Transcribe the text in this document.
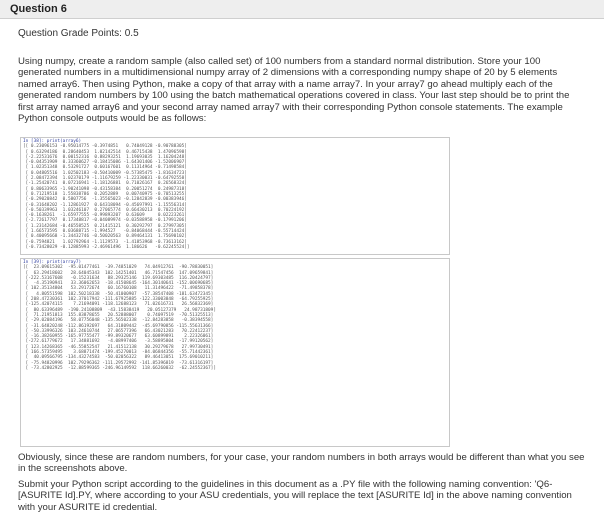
Question 6
Question Grade Points: 0.5
Using numpy, create a random sample (also called set) of 100 numbers from a standard normal distribution. Store your 100 generated numbers in a multidimensional numpy array of 2 dimensions with a corresponding numpy shape of 20 by 5 elements named array6. Then using Python, make a copy of that array with a name array7. In your array7 go ahead multiply each of the generated random numbers by 100 using the batch mathematical operations covered in class. Your last step should be to print the first array named array6 and your second array named array7 with their corresponding Python console statements. The example Python console outputs would be as follows:
In [38]: print(array6)
[[ 0.23096153 -0.95014775 -0.3974851   0.74049128 -0.90788305]
[ 0.63294186  0.28640453  1.02142514  0.46715438  1.47096598]
[-2.22531676  0.00152316  0.88293251  1.19693035  1.16204248]
[-0.04351909  0.33360627 -0.18415086 -1.64301406 -1.52006907]
[ 1.02351348  0.53291727  0.60167601  0.11314964 -0.71498584]
[ 0.04805516  1.02502183 -0.50410009 -0.57385475 -1.81634723]
[ 2.08472394  1.02370179 -1.11679259 -1.22330031 -0.64792558]
[-1.25420741  0.07216941 -1.18126881  0.71026167  0.26568324]
[ 0.80633965 -1.90241098 -0.43158384  0.20051274  0.24987318]
[ 0.71219518  1.55838786  0.2052889   0.00740975 -0.70513255]
[-0.29020842  0.5807756  -1.35565023 -0.12842839 -0.00383946]
[-0.31648202 -1.12861927  0.64318094 -0.45697991 -1.15556314]
[-0.50339963  1.03246107  0.27065774  0.66430213  0.70224192]
[-0.1638261  -1.65977555 -0.99893207  0.63609     0.02223261]
[-2.72617797  0.17348817 -0.04089974 -0.03588958 -0.17991206]
[ 1.23142684 -0.46558525  0.21415121  0.30292797  0.27997305]
[ 1.66573595  0.03688715 -1.994527   -0.84068444 -0.55714424]
[ 0.40095668 -1.34432746 -0.50020563  0.89464131  1.75690102]
[-0.7594821   1.02792964 -1.1129573  -1.41853968 -0.73613162]
[-0.73428029 -0.12885993 -2.46961496  1.186626   -0.62245524]]
In [39]: print(array7)
[[  23.09615302  -95.01477461  -39.74851029   74.04912761  -90.78830051]
[  63.29418602   28.64045343  102.14251401   46.71547456  147.09659841]
[-222.53167608   -0.15231634   88.29325146  119.69303485  116.20424797]
[  -4.35190941   33.36062653  -18.41508645 -164.30140641 -152.00690685]
[ 102.35134804   53.29172674   60.16760108   11.31496422  -71.49858378]
[   4.80551598  102.50218338  -50.41000907  -57.38547408 -181.63472345]
[ 208.47230361  102.37017942 -111.67925885 -122.33003848  -64.79255925]
[-125.42074115    7.21694091 -118.12688123   71.02616731   26.56832369]
[  80.63396489  -190.24108809  -43.15838419   20.05127379   24.98731809]
[  71.21951813  155.83878655   20.52888007    0.74097519  -70.51325513]
[ -29.02084196   58.07756048 -135.56502338  -12.84283858   -0.38394558]
[ -31.64820248 -112.86192697   64.31809442  -45.69790856 -115.55631366]
[ -50.33996326  103.24610744   27.06577396   66.43021283   70.22412237]
[ -16.38260955 -165.97755477  -99.89320677   63.60899891    2.22326061]
[-272.61779672   17.34881692   -4.08997406   -3.58895804  -17.99120562]
[ 123.14268365  -46.55852547   21.41512138   30.29279678   27.99730491]
[ 166.57359495    3.68871474 -199.45270013  -84.06844356  -55.71442361]
[  40.09566795 -134.43274583  -50.02056322   89.46413051  175.69010211]
[ -75.94820996  102.79296362 -111.29572992 -141.85396819  -73.61316197]
[ -73.42802925  -12.88599365 -246.96149592  118.66260032  -62.24552367]]
Obviously, since these are random numbers, for your case, your random numbers in both arrays would be different than what you see in the screenshots above.
Submit your Python script according to the guidelines in this document as a .PY file with the following naming convention: 'Q6-[ASURITE Id].PY, where according to your ASU credentials, you will replace the text [ASURITE Id] in the above naming convention with your ASURITE id credential.
